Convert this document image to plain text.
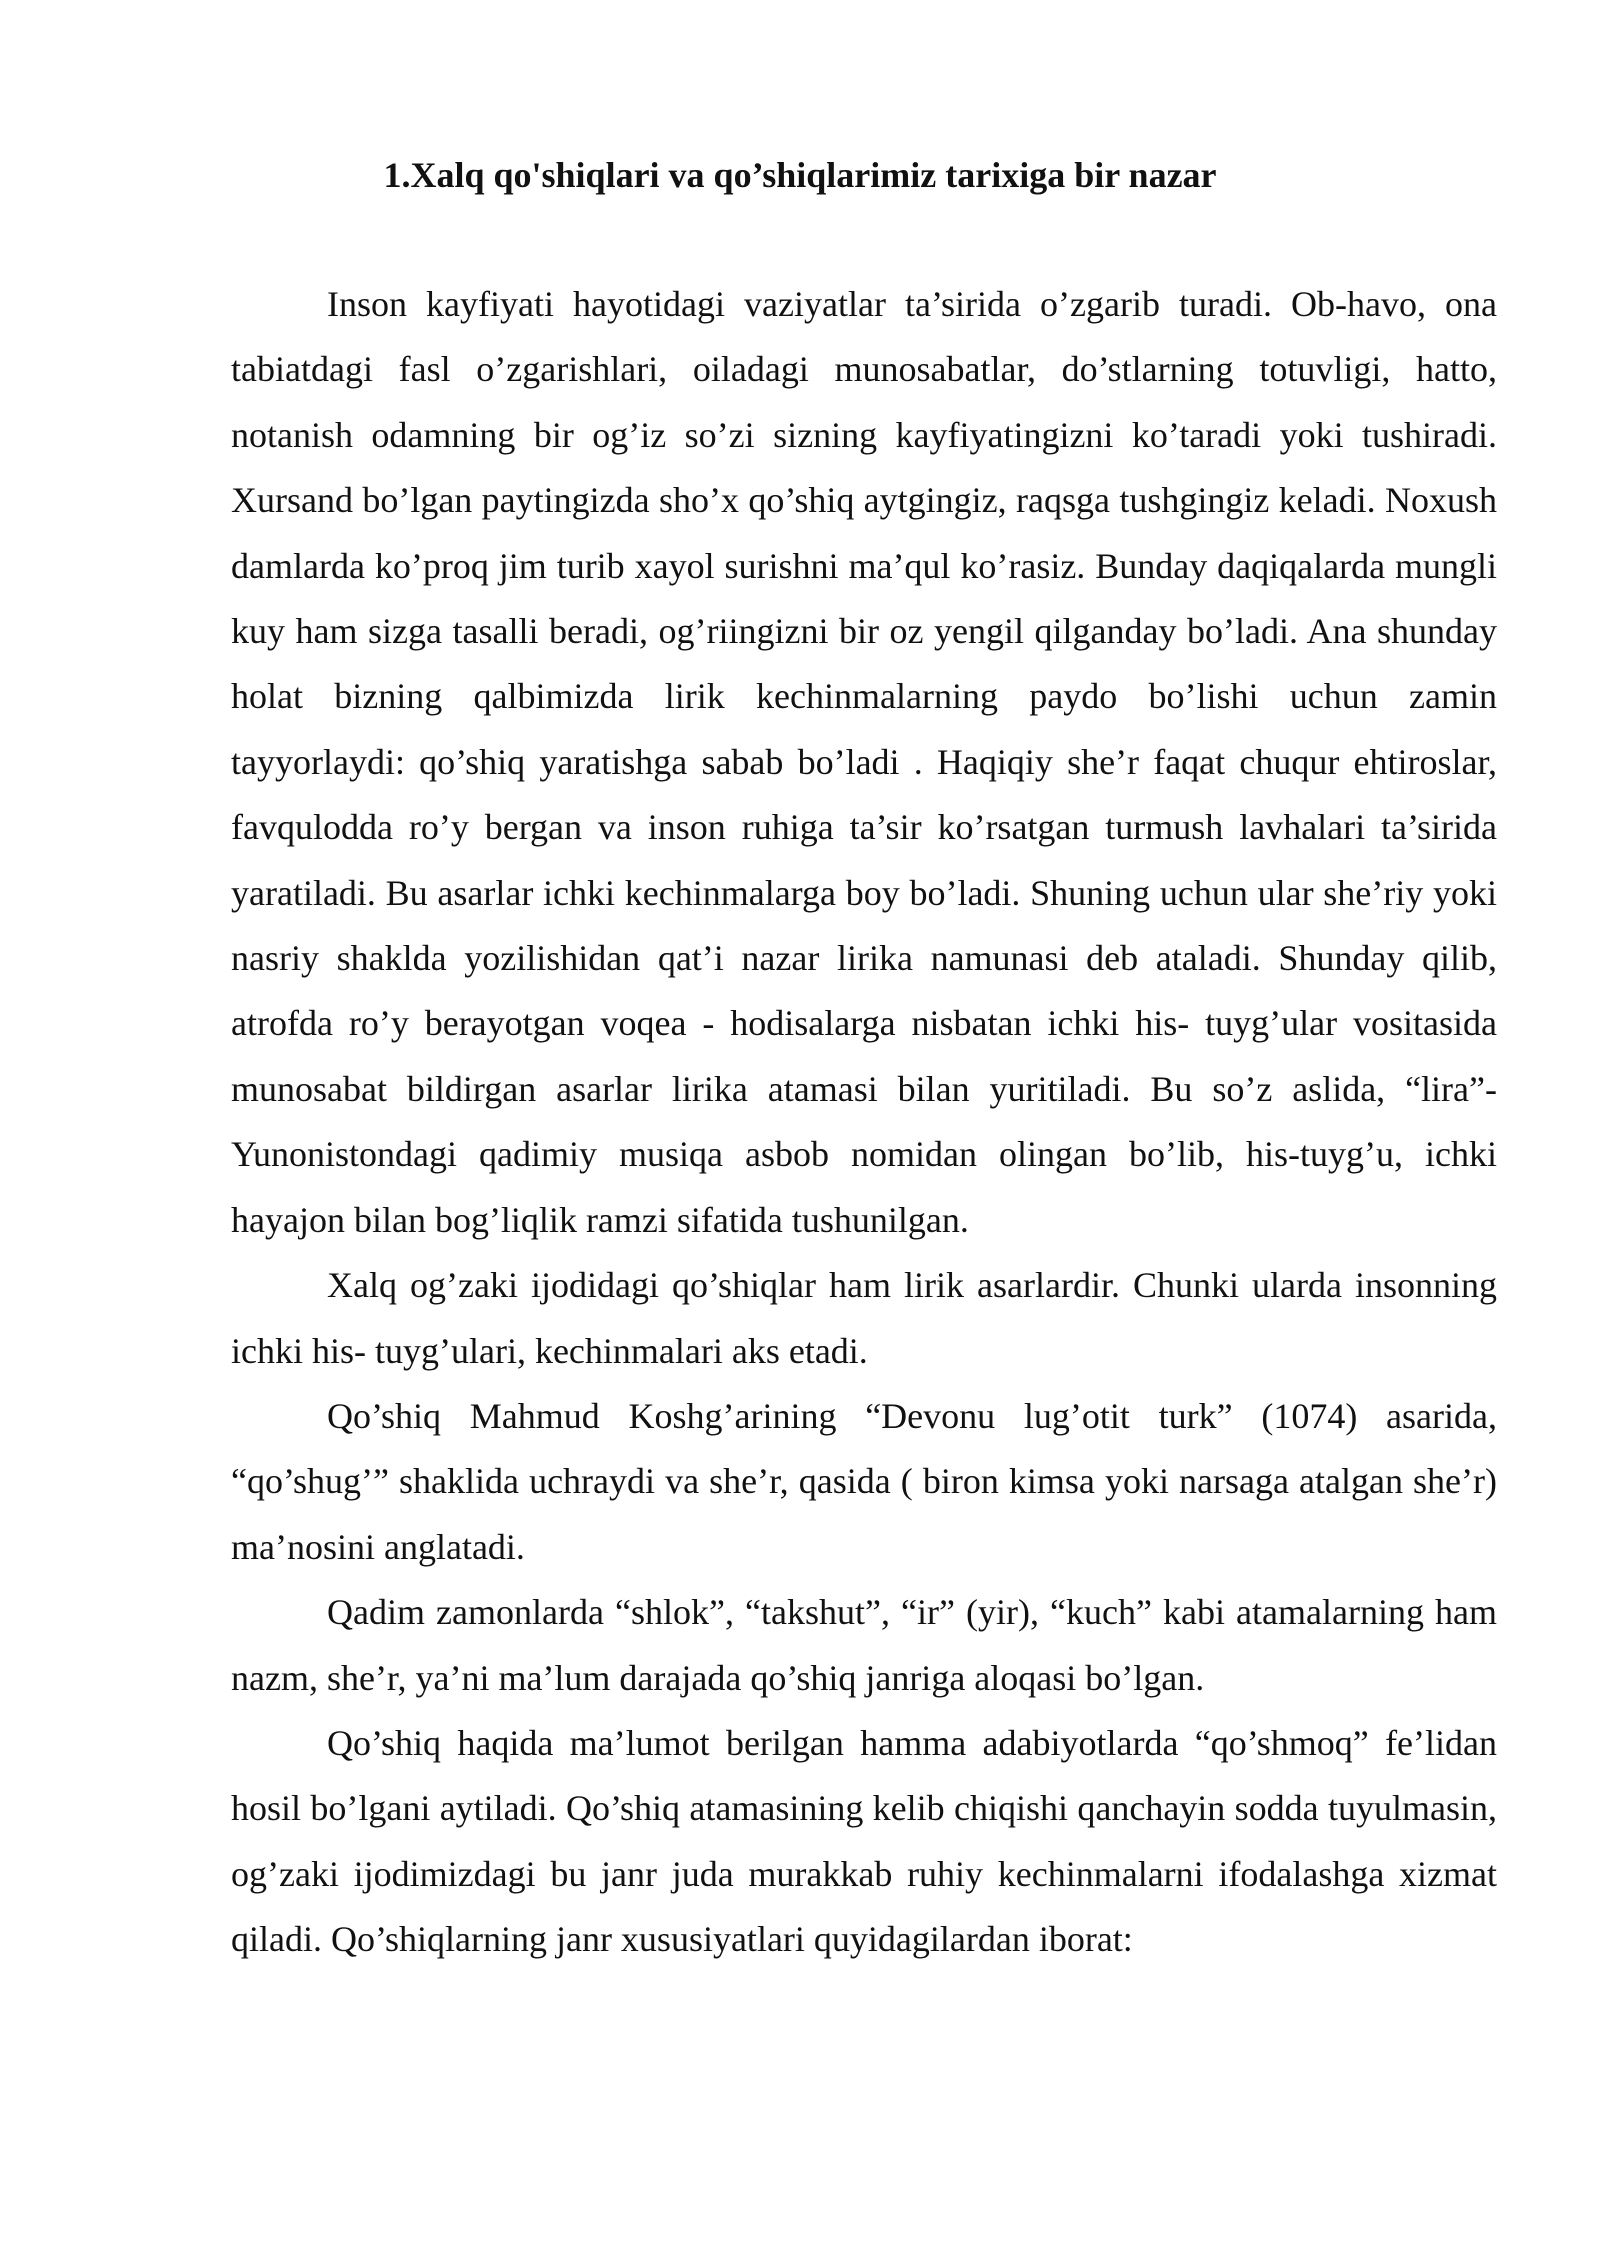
1.Xalq qo'shiqlari va qo’shiqlarimiz tarixiga bir nazar

Inson kayfiyati hayotidagi vaziyatlar ta’sirida o’zgarib turadi. Ob-havo, ona tabiatdagi fasl o’zgarishlari, oiladagi munosabatlar, do’stlarning totuvligi, hatto, notanish odamning bir og’iz so’zi sizning kayfiyatingizni ko’taradi yoki tushiradi. Xursand bo’lgan paytingizda sho’x qo’shiq aytgingiz, raqsga tushgingiz keladi. Noxush damlarda ko’proq jim turib xayol surishni ma’qul ko’rasiz. Bunday daqiqalarda mungli kuy ham sizga tasalli beradi, og’riingizni bir oz yengil qilganday bo’ladi. Ana shunday holat bizning qalbimizda lirik kechinmalarning paydo bo’lishi uchun zamin tayyorlaydi: qo’shiq yaratishga sabab bo’ladi . Haqiqiy she’r faqat chuqur ehtiroslar, favqulodda ro’y bergan va inson ruhiga ta’sir ko’rsatgan turmush lavhalari ta’sirida yaratiladi. Bu asarlar ichki kechinmalarga boy bo’ladi. Shuning uchun ular she’riy yoki nasriy shaklda yozilishidan qat’i nazar lirika namunasi deb ataladi. Shunday qilib, atrofda ro’y berayotgan voqea - hodisalarga nisbatan ichki his- tuyg’ular vositasida munosabat bildirgan asarlar lirika atamasi bilan yuritiladi. Bu so’z aslida, “lira”- Yunonistondagi qadimiy musiqa asbob nomidan olingan bo’lib, his-tuyg’u, ichki hayajon bilan bog’liqlik ramzi sifatida tushunilgan.

Xalq og’zaki ijodidagi qo’shiqlar ham lirik asarlardir. Chunki ularda insonning ichki his- tuyg’ulari, kechinmalari aks etadi.

Qo’shiq Mahmud Koshg’arining “Devonu lug’otit turk” (1074) asarida, “qo’shug’” shaklida uchraydi va she’r, qasida ( biron kimsa yoki narsaga atalgan she’r) ma’nosini anglatadi.

Qadim zamonlarda “shlok”, “takshut”, “ir” (yir), “kuch” kabi atamalarning ham nazm, she’r, ya’ni ma’lum darajada qo’shiq janriga aloqasi bo’lgan.

Qo’shiq haqida ma’lumot berilgan hamma adabiyotlarda “qo’shmoq” fe’lidan hosil bo’lgani aytiladi. Qo’shiq atamasining kelib chiqishi qanchayin sodda tuyulmasin, og’zaki ijodimizdagi bu janr juda murakkab ruhiy kechinmalarni ifodalashga xizmat qiladi. Qo’shiqlarning janr xususiyatlari quyidagilardan iborat:
